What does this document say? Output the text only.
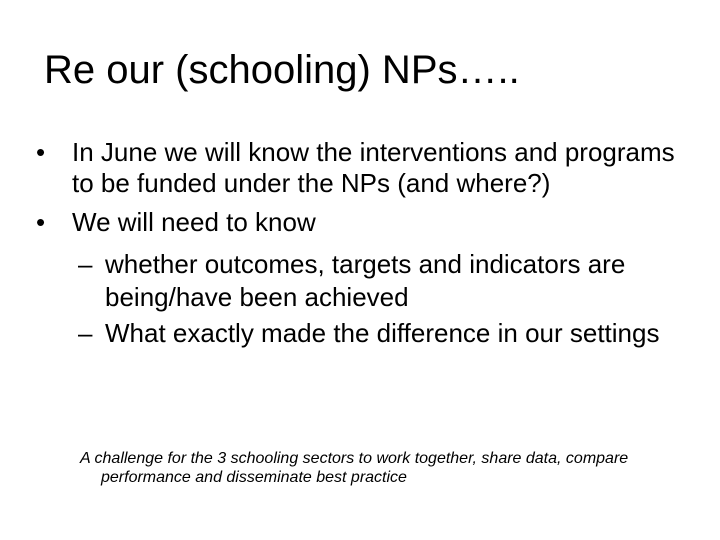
Re our (schooling) NPs…..
•	In June we will know the interventions and programs to be funded under the NPs (and where?)
•	We will need to know
– whether outcomes, targets and indicators are being/have been achieved
– What exactly made the difference in our settings

A challenge for the 3 schooling sectors to work together, share data, compare performance and disseminate best practice
